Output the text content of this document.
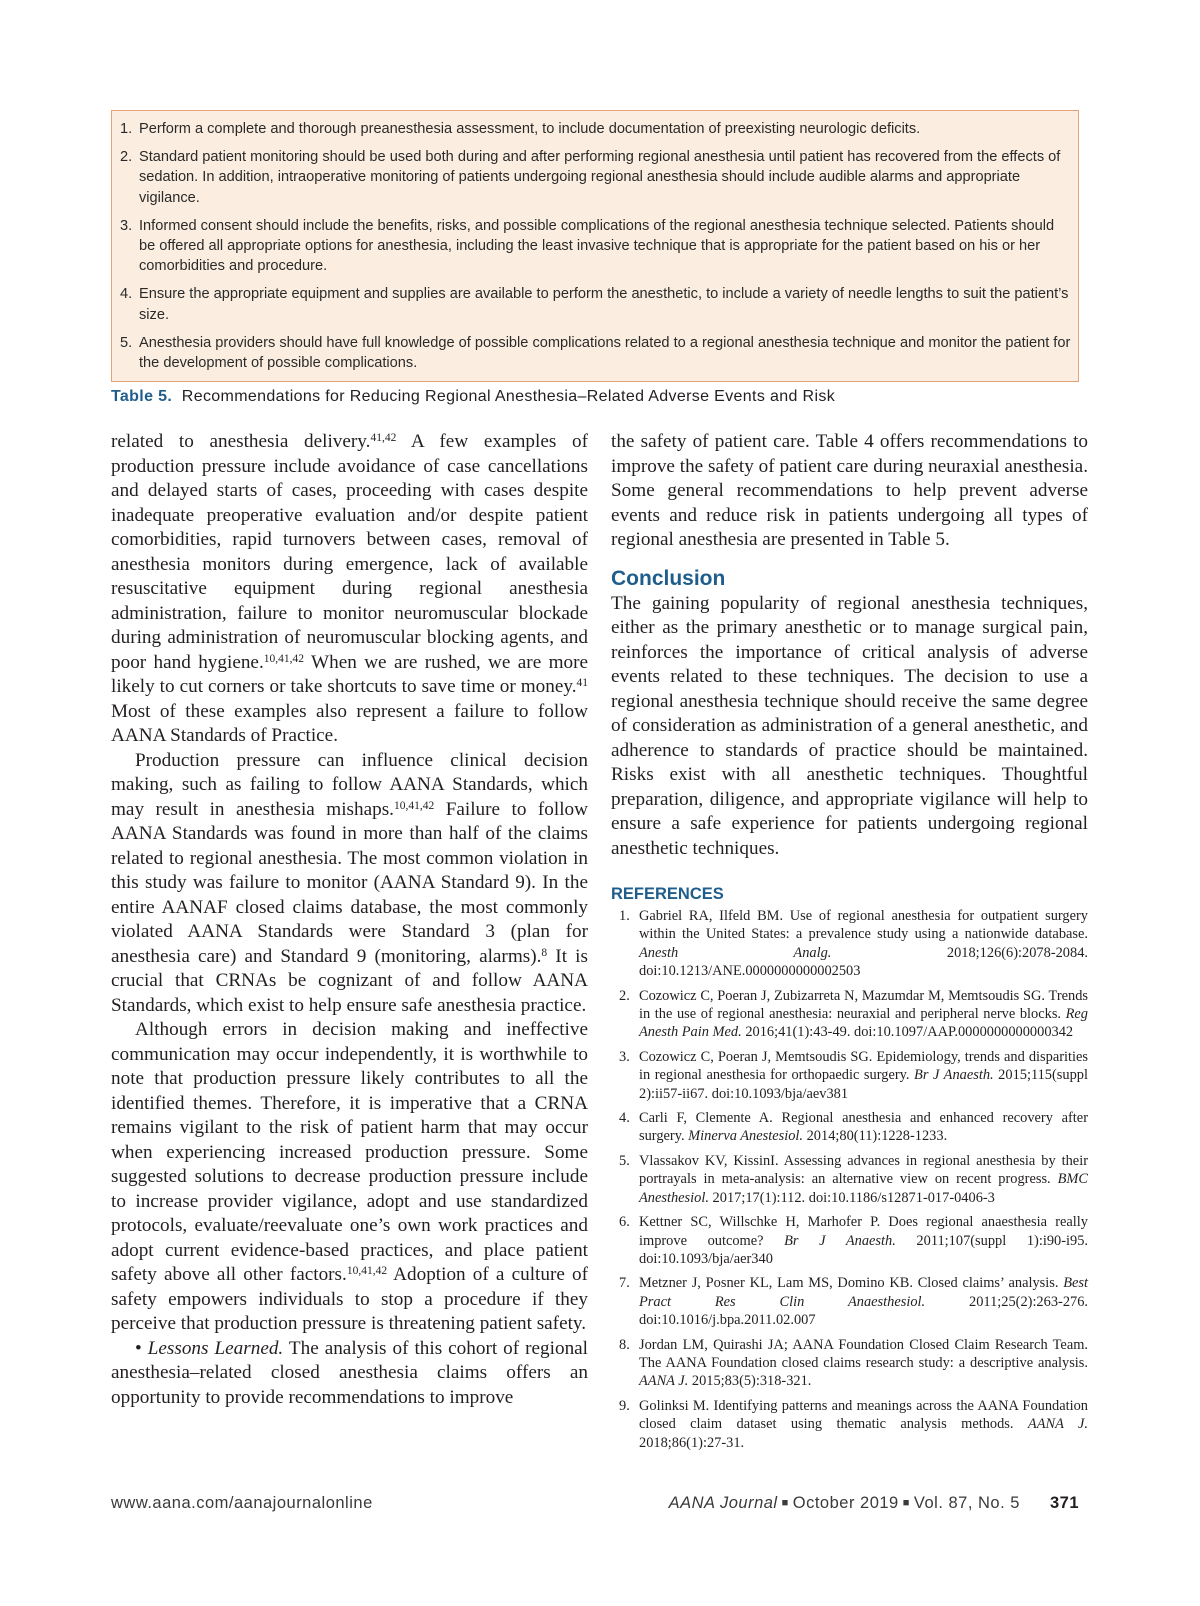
1. Perform a complete and thorough preanesthesia assessment, to include documentation of preexisting neurologic deficits.
2. Standard patient monitoring should be used both during and after performing regional anesthesia until patient has recovered from the effects of sedation. In addition, intraoperative monitoring of patients undergoing regional anesthesia should include audible alarms and appropriate vigilance.
3. Informed consent should include the benefits, risks, and possible complications of the regional anesthesia technique selected. Patients should be offered all appropriate options for anesthesia, including the least invasive technique that is appropriate for the patient based on his or her comorbidities and procedure.
4. Ensure the appropriate equipment and supplies are available to perform the anesthetic, to include a variety of needle lengths to suit the patient’s size.
5. Anesthesia providers should have full knowledge of possible complications related to a regional anesthesia technique and monitor the patient for the development of possible complications.
Table 5. Recommendations for Reducing Regional Anesthesia–Related Adverse Events and Risk

related to anesthesia delivery.$^{41,42}$ A few examples of production pressure include avoidance of case cancellations and delayed starts of cases, proceeding with cases despite inadequate preoperative evaluation and/or despite patient comorbidities, rapid turnovers between cases, removal of anesthesia monitors during emergence, lack of available resuscitative equipment during regional anesthesia administration, failure to monitor neuromuscular blockade during administration of neuromuscular blocking agents, and poor hand hygiene.$^{10,41,42}$ When we are rushed, we are more likely to cut corners or take shortcuts to save time or money.$^{41}$ Most of these examples also represent a failure to follow AANA Standards of Practice.

Production pressure can influence clinical decision making, such as failing to follow AANA Standards, which may result in anesthesia mishaps.$^{10,41,42}$ Failure to follow AANA Standards was found in more than half of the claims related to regional anesthesia. The most common violation in this study was failure to monitor (AANA Standard 9). In the entire AANAF closed claims database, the most commonly violated AANA Standards were Standard 3 (plan for anesthesia care) and Standard 9 (monitoring, alarms).$^8$ It is crucial that CRNAs be cognizant of and follow AANA Standards, which exist to help ensure safe anesthesia practice.

Although errors in decision making and ineffective communication may occur independently, it is worthwhile to note that production pressure likely contributes to all the identified themes. Therefore, it is imperative that a CRNA remains vigilant to the risk of patient harm that may occur when experiencing increased production pressure. Some suggested solutions to decrease production pressure include to increase provider vigilance, adopt and use standardized protocols, evaluate/reevaluate one’s own work practices and adopt current evidence-based practices, and place patient safety above all other factors.$^{10,41,42}$ Adoption of a culture of safety empowers individuals to stop a procedure if they perceive that production pressure is threatening patient safety.

• Lessons Learned. The analysis of this cohort of regional anesthesia–related closed anesthesia claims offers an opportunity to provide recommendations to improve

the safety of patient care. Table 4 offers recommendations to improve the safety of patient care during neuraxial anesthesia. Some general recommendations to help prevent adverse events and reduce risk in patients undergoing all types of regional anesthesia are presented in Table 5.

Conclusion

The gaining popularity of regional anesthesia techniques, either as the primary anesthetic or to manage surgical pain, reinforces the importance of critical analysis of adverse events related to these techniques. The decision to use a regional anesthesia technique should receive the same degree of consideration as administration of a general anesthetic, and adherence to standards of practice should be maintained. Risks exist with all anesthetic techniques. Thoughtful preparation, diligence, and appropriate vigilance will help to ensure a safe experience for patients undergoing regional anesthetic techniques.

REFERENCES
1. Gabriel RA, Ilfeld BM. Use of regional anesthesia for outpatient surgery within the United States: a prevalence study using a nationwide database. Anesth Analg. 2018;126(6):2078-2084. doi:10.1213/ANE.0000000000002503
2. Cozowicz C, Poeran J, Zubizarreta N, Mazumdar M, Memtsoudis SG. Trends in the use of regional anesthesia: neuraxial and peripheral nerve blocks. Reg Anesth Pain Med. 2016;41(1):43-49. doi:10.1097/AAP.0000000000000342
3. Cozowicz C, Poeran J, Memtsoudis SG. Epidemiology, trends and disparities in regional anesthesia for orthopaedic surgery. Br J Anaesth. 2015;115(suppl 2):ii57-ii67. doi:10.1093/bja/aev381
4. Carli F, Clemente A. Regional anesthesia and enhanced recovery after surgery. Minerva Anestesiol. 2014;80(11):1228-1233.
5. Vlassakov KV, KissinI. Assessing advances in regional anesthesia by their portrayals in meta-analysis: an alternative view on recent progress. BMC Anesthesiol. 2017;17(1):112. doi:10.1186/s12871-017-0406-3
6. Kettner SC, Willschke H, Marhofer P. Does regional anaesthesia really improve outcome? Br J Anaesth. 2011;107(suppl 1):i90-i95. doi:10.1093/bja/aer340
7. Metzner J, Posner KL, Lam MS, Domino KB. Closed claims’ analysis. Best Pract Res Clin Anaesthesiol. 2011;25(2):263-276. doi:10.1016/j.bpa.2011.02.007
8. Jordan LM, Quirashi JA; AANA Foundation Closed Claim Research Team. The AANA Foundation closed claims research study: a descriptive analysis. AANA J. 2015;83(5):318-321.
9. Golinksi M. Identifying patterns and meanings across the AANA Foundation closed claim dataset using thematic analysis methods. AANA J. 2018;86(1):27-31.
www.aana.com/aanajournalonline	AANA Journal ■ October 2019 ■ Vol. 87, No. 5 371
